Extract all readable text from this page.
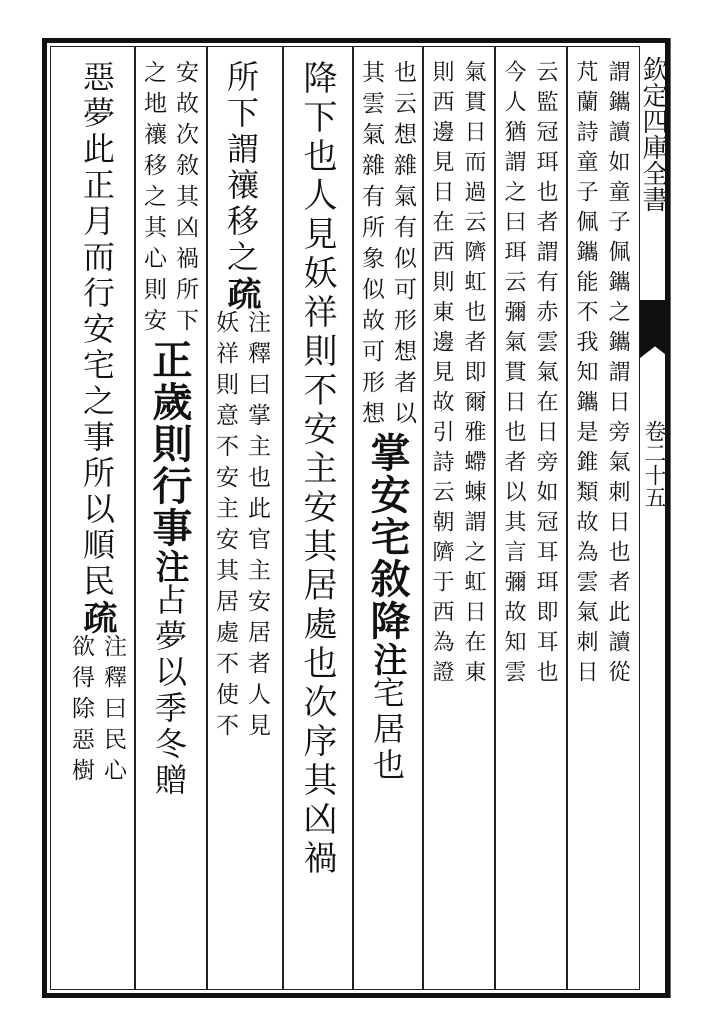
欽定四庫全書
卷二十五
謂鑴讀如童子佩鑴之鑴謂日旁氣刺日也者此讀從
芃蘭詩童子佩鑴能不我知鑴是錐類故為雲氣刺日
云監冠珥也者謂有赤雲氣在日旁如冠耳珥即耳也
今人猶謂之曰珥云彌氣貫日也者以其言彌故知雲
氣貫日而過云隮虹也者即爾雅螮蝀謂之虹日在東
則西邊見日在西則東邊見故引詩云朝隮于西為證
也云想雜氣有似可形想者以
其雲氣雜有所象似故可形想
掌安宅敘降
注
宅居也
降下也人見妖祥則不安主安其居處也次序其凶禍
所下謂禳移之
疏
注釋曰掌主也此官主安居者人見
妖祥則意不安主安其居處不使不
安故次敘其凶禍所下
之地禳移之其心則安
正歲則行事
注
占夢以季冬贈
惡夢此正月而行安宅之事所以順民
疏
注釋曰民心
欲得除惡樹
